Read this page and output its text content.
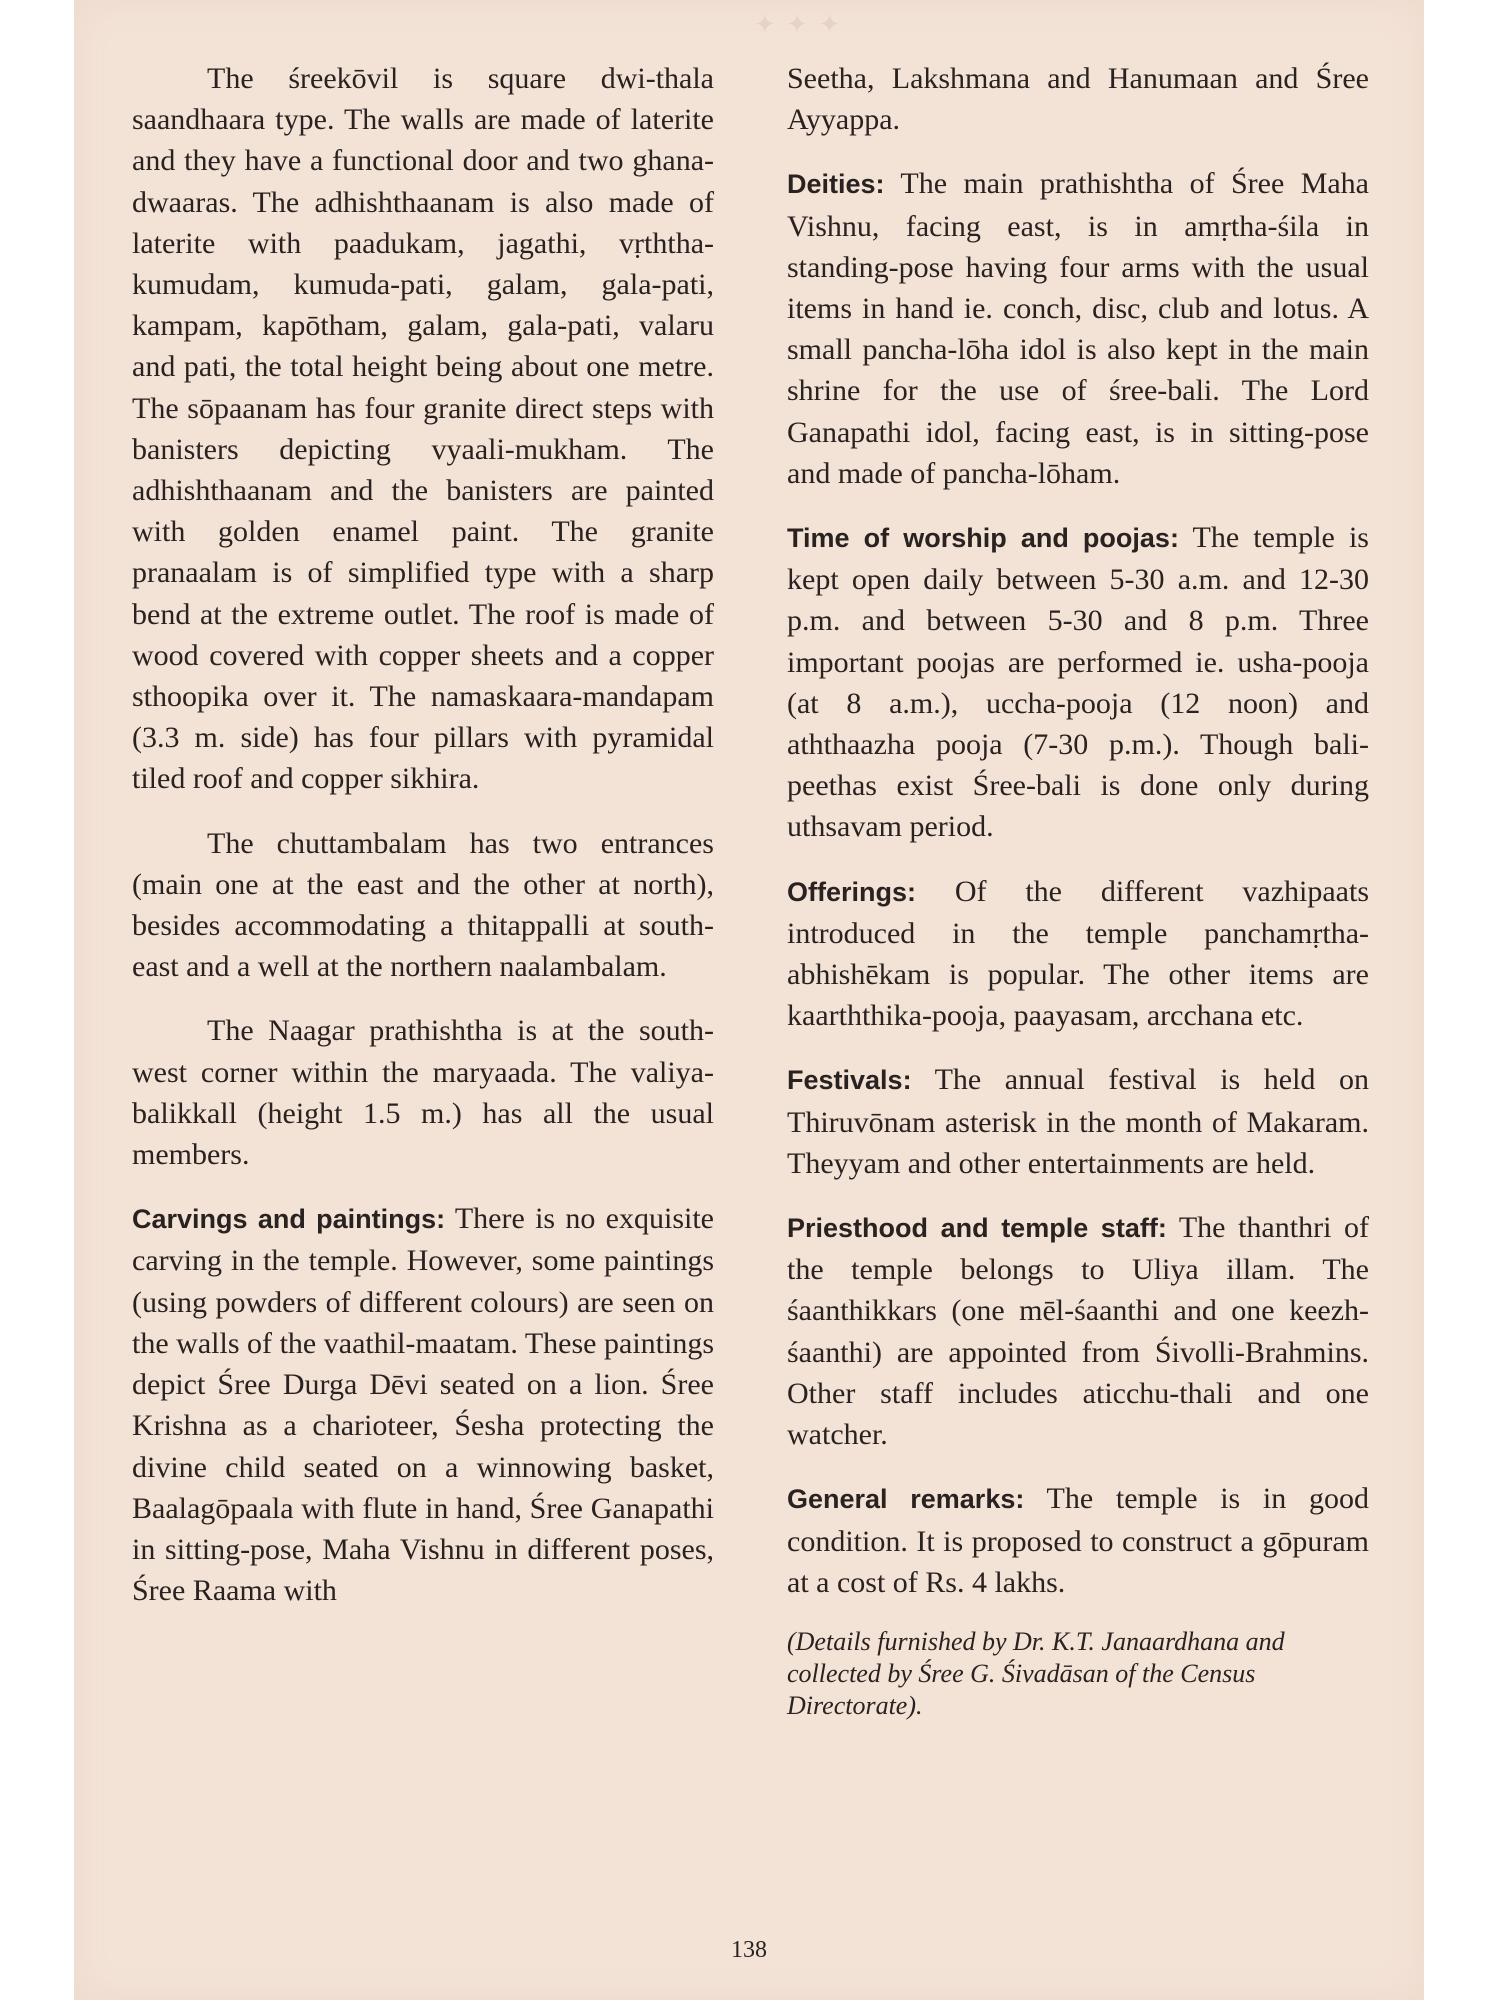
✦ ✦ ✦

The śreekōvil is square dwi-thala saandhaara type. The walls are made of laterite and they have a functional door and two ghana-dwaaras. The adhishthaanam is also made of laterite with paadukam, jagathi, vṛththa-kumudam, kumuda-pati, galam, gala-pati, kampam, kapōtham, galam, gala-pati, valaru and pati, the total height being about one metre. The sōpaanam has four granite direct steps with banisters depicting vyaali-mukham. The adhishthaanam and the banisters are painted with golden enamel paint. The granite pranaalam is of simplified type with a sharp bend at the extreme outlet. The roof is made of wood covered with copper sheets and a copper sthoopika over it. The namaskaara-mandapam (3.3 m. side) has four pillars with pyramidal tiled roof and copper sikhira.

The chuttambalam has two entrances (main one at the east and the other at north), besides accommodating a thitappalli at south-east and a well at the northern naalambalam.

The Naagar prathishtha is at the south-west corner within the maryaada. The valiya-balikkall (height 1.5 m.) has all the usual members.

Carvings and paintings: There is no exquisite carving in the temple. However, some paintings (using powders of different colours) are seen on the walls of the vaathil-maatam. These paintings depict Śree Durga Dēvi seated on a lion. Śree Krishna as a charioteer, Śesha protecting the divine child seated on a winnowing basket, Baalagōpaala with flute in hand, Śree Ganapathi in sitting-pose, Maha Vishnu in different poses, Śree Raama with

Seetha, Lakshmana and Hanumaan and Śree Ayyappa.

Deities: The main prathishtha of Śree Maha Vishnu, facing east, is in amṛtha-śila in standing-pose having four arms with the usual items in hand ie. conch, disc, club and lotus. A small pancha-lōha idol is also kept in the main shrine for the use of śree-bali. The Lord Ganapathi idol, facing east, is in sitting-pose and made of pancha-lōham.

Time of worship and poojas: The temple is kept open daily between 5-30 a.m. and 12-30 p.m. and between 5-30 and 8 p.m. Three important poojas are performed ie. usha-pooja (at 8 a.m.), uccha-pooja (12 noon) and aththaazha pooja (7-30 p.m.). Though bali-peethas exist Śree-bali is done only during uthsavam period.

Offerings: Of the different vazhipaats introduced in the temple panchamṛtha-abhishēkam is popular. The other items are kaarththika-pooja, paayasam, arcchana etc.

Festivals: The annual festival is held on Thiruvōnam asterisk in the month of Makaram. Theyyam and other entertainments are held.

Priesthood and temple staff: The thanthri of the temple belongs to Uliya illam. The śaanthikkars (one mēl-śaanthi and one keezh-śaanthi) are appointed from Śivolli-Brahmins. Other staff includes aticchu-thali and one watcher.

General remarks: The temple is in good condition. It is proposed to construct a gōpuram at a cost of Rs. 4 lakhs.

(Details furnished by Dr. K.T. Janaardhana and collected by Śree G. Śivadāsan of the Census Directorate).

138
